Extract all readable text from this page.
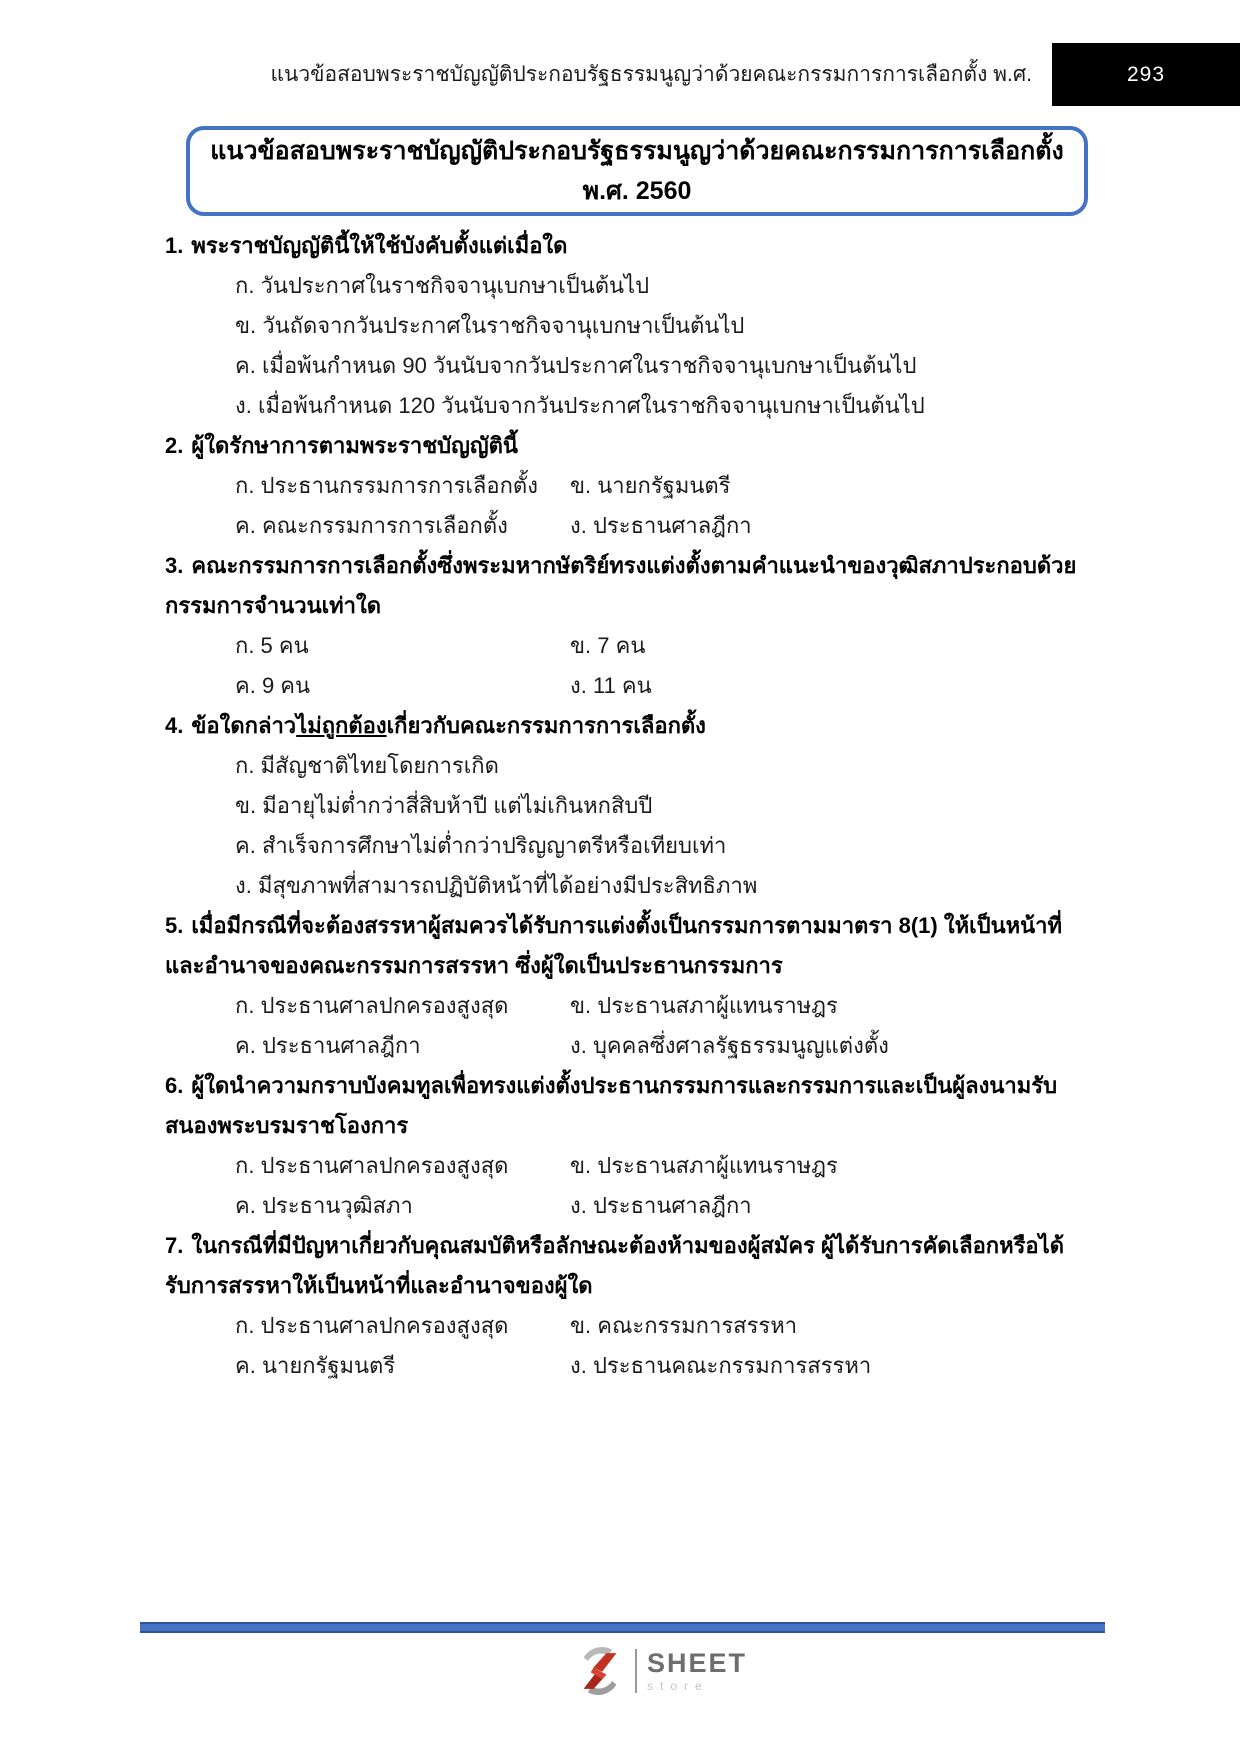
แนวข้อสอบพระราชบัญญัติประกอบรัฐธรรมนูญว่าด้วยคณะกรรมการการเลือกตั้ง พ.ศ.	293
แนวข้อสอบพระราชบัญญัติประกอบรัฐธรรมนูญว่าด้วยคณะกรรมการการเลือกตั้ง พ.ศ. 2560
1. พระราชบัญญัตินี้ให้ใช้บังคับตั้งแต่เมื่อใด
ก. วันประกาศในราชกิจจานุเบกษาเป็นต้นไป
ข. วันถัดจากวันประกาศในราชกิจจานุเบกษาเป็นต้นไป
ค. เมื่อพ้นกำหนด 90 วันนับจากวันประกาศในราชกิจจานุเบกษาเป็นต้นไป
ง. เมื่อพ้นกำหนด 120 วันนับจากวันประกาศในราชกิจจานุเบกษาเป็นต้นไป
2. ผู้ใดรักษาการตามพระราชบัญญัตินี้
ก. ประธานกรรมการการเลือกตั้ง	ข. นายกรัฐมนตรี
ค. คณะกรรมการการเลือกตั้ง	ง. ประธานศาลฎีกา
3. คณะกรรมการการเลือกตั้งซึ่งพระมหากษัตริย์ทรงแต่งตั้งตามคำแนะนำของวุฒิสภาประกอบด้วยกรรมการจำนวนเท่าใด
ก. 5 คน	ข. 7 คน
ค. 9 คน	ง. 11 คน
4. ข้อใดกล่าวไม่ถูกต้องเกี่ยวกับคณะกรรมการการเลือกตั้ง
ก. มีสัญชาติไทยโดยการเกิด
ข. มีอายุไม่ต่ำกว่าสี่สิบห้าปี แต่ไม่เกินหกสิบปี
ค. สำเร็จการศึกษาไม่ต่ำกว่าปริญญาตรีหรือเทียบเท่า
ง. มีสุขภาพที่สามารถปฏิบัติหน้าที่ได้อย่างมีประสิทธิภาพ
5. เมื่อมีกรณีที่จะต้องสรรหาผู้สมควรได้รับการแต่งตั้งเป็นกรรมการตามมาตรา 8(1) ให้เป็นหน้าที่และอำนาจของคณะกรรมการสรรหา ซึ่งผู้ใดเป็นประธานกรรมการ
ก. ประธานศาลปกครองสูงสุด	ข. ประธานสภาผู้แทนราษฎร
ค. ประธานศาลฎีกา	ง. บุคคลซึ่งศาลรัฐธรรมนูญแต่งตั้ง
6. ผู้ใดนำความกราบบังคมทูลเพื่อทรงแต่งตั้งประธานกรรมการและกรรมการและเป็นผู้ลงนามรับสนองพระบรมราชโองการ
ก. ประธานศาลปกครองสูงสุด	ข. ประธานสภาผู้แทนราษฎร
ค. ประธานวุฒิสภา	ง. ประธานศาลฎีกา
7. ในกรณีที่มีปัญหาเกี่ยวกับคุณสมบัติหรือลักษณะต้องห้ามของผู้สมัคร ผู้ได้รับการคัดเลือกหรือได้รับการสรรหาให้เป็นหน้าที่และอำนาจของผู้ใด
ก. ประธานศาลปกครองสูงสุด	ข. คณะกรรมการสรรหา
ค. นายกรัฐมนตรี	ง. ประธานคณะกรรมการสรรหา
SHEET
store
